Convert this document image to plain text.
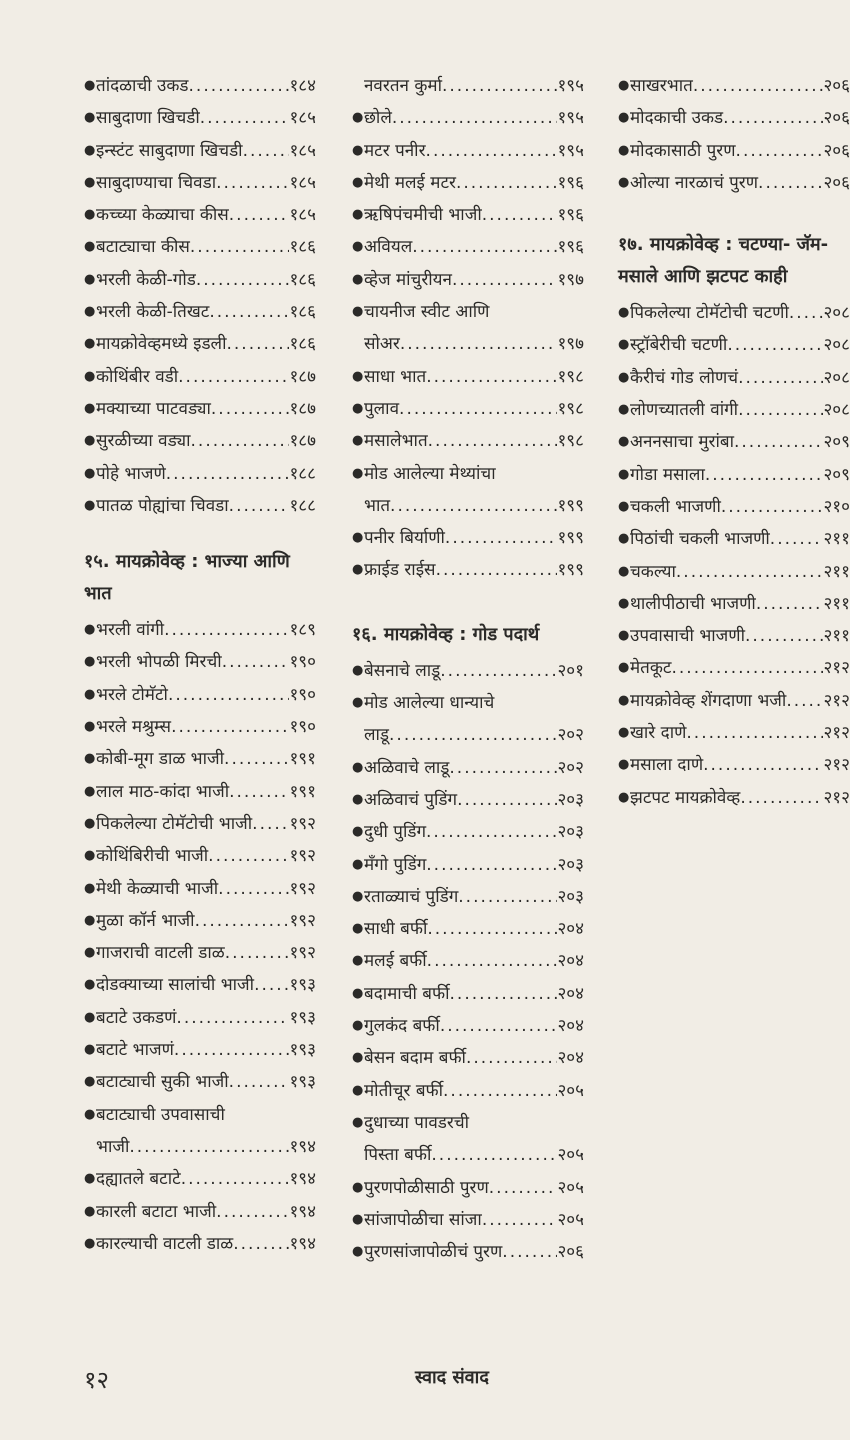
● तांदळाची उकड .....	१८४
● साबुदाणा खिचडी .....	१८५
● इन्स्टंट साबुदाणा खिचडी .....	१८५
● साबुदाण्याचा चिवडा .....	१८५
● कच्च्या केळ्याचा कीस .....	१८५
● बटाट्याचा कीस .....	१८६
● भरली केळी-गोड .....	१८६
● भरली केळी-तिखट .....	१८६
● मायक्रोवेव्हमध्ये इडली .....	१८६
● कोथिंबीर वडी .....	१८७
● मक्याच्या पाटवड्या .....	१८७
● सुरळीच्या वड्या .....	१८७
● पोहे भाजणे .....	१८८
● पातळ पोह्यांचा चिवडा .....	१८८
१५. मायक्रोवेव्ह : भाज्या आणि भात
● भरली वांगी .....	१८९
● भरली भोपळी मिरची .....	१९०
● भरले टोमॅटो .....	१९०
● भरले मश्रुम्स .....	१९०
● कोबी-मूग डाळ भाजी .....	१९१
● लाल माठ-कांदा भाजी .....	१९१
● पिकलेल्या टोमॅटोची भाजी ..... १९२
● कोथिंबिरीची भाजी .....	१९२
● मेथी केळ्याची भाजी .....	१९२
● मुळा कॉर्न भाजी .....	१९२
● गाजराची वाटली डाळ .....	१९२
● दोडक्याच्या सालांची भाजी ..... १९३
● बटाटे उकडणं .....	१९३
● बटाटे भाजणं .....	१९३
● बटाट्याची सुकी भाजी .....	१९३
● बटाट्याची उपवासाची
भाजी .....	१९४
● दह्यातले बटाटे .....	१९४
● कारली बटाटा भाजी .....	१९४
● कारल्याची वाटली डाळ .....	१९४
नवरतन कुर्मा .....	१९५
● छोले .....	१९५
● मटर पनीर .....	१९५
● मेथी मलई मटर .....	१९६
● ऋषिपंचमीची भाजी .....	१९६
● अवियल .....	१९६
● व्हेज मांचुरीयन .....	१९७
● चायनीज स्वीट आणि
सोअर .....	१९७
● साधा भात .....	१९८
● पुलाव .....	१९८
● मसालेभात .....	१९८
● मोड आलेल्या मेथ्यांचा
भात .....	१९९
● पनीर बिर्याणी .....	१९९
● फ्राईड राईस .....	१९९
१६. मायक्रोवेव्ह : गोड पदार्थ
● बेसनाचे लाडू .....	२०१
● मोड आलेल्या धान्याचे
लाडू .....	२०२
● अळिवाचे लाडू .....	२०२
● अळिवाचं पुडिंग .....	२०३
● दुधी पुडिंग .....	२०३
● मँगो पुडिंग .....	२०३
● रताळ्याचं पुडिंग .....	२०३
● साधी बर्फी .....	२०४
● मलई बर्फी .....	२०४
● बदामाची बर्फी .....	२०४
● गुलकंद बर्फी .....	२०४
● बेसन बदाम बर्फी .....	२०४
● मोतीचूर बर्फी .....	२०५
● दुधाच्या पावडरची
पिस्ता बर्फी .....	२०५
● पुरणपोळीसाठी पुरण .....	२०५
● सांजापोळीचा सांजा .....	२०५
● पुरणसांजापोळीचं पुरण .....	२०६
● साखरभात .....	२०६
● मोदकाची उकड .....	२०६
● मोदकासाठी पुरण .....	२०६
● ओल्या नारळाचं पुरण .....	२०६
१७. मायक्रोवेव्ह : चटण्या- जॅम-मसाले आणि झटपट काही
● पिकलेल्या टोमॅटोची चटणी ..... २०८
● स्ट्रॉबेरीची चटणी .....	२०८
● कैरीचं गोड लोणचं .....	२०८
● लोणच्यातली वांगी .....	२०८
● अननसाचा मुरांबा .....	२०९
● गोडा मसाला .....	२०९
● चकली भाजणी .....	२१०
● पिठांची चकली भाजणी .....	२११
● चकल्या .....	२११
● थालीपीठाची भाजणी .....	२११
● उपवासाची भाजणी .....	२११
● मेतकूट .....	२१२
● मायक्रोवेव्ह शेंगदाणा भजी ..... २१२
● खारे दाणे .....	२१२
● मसाला दाणे .....	२१२
● झटपट मायक्रोवेव्ह .....	२१२
१२	स्वाद संवाद
